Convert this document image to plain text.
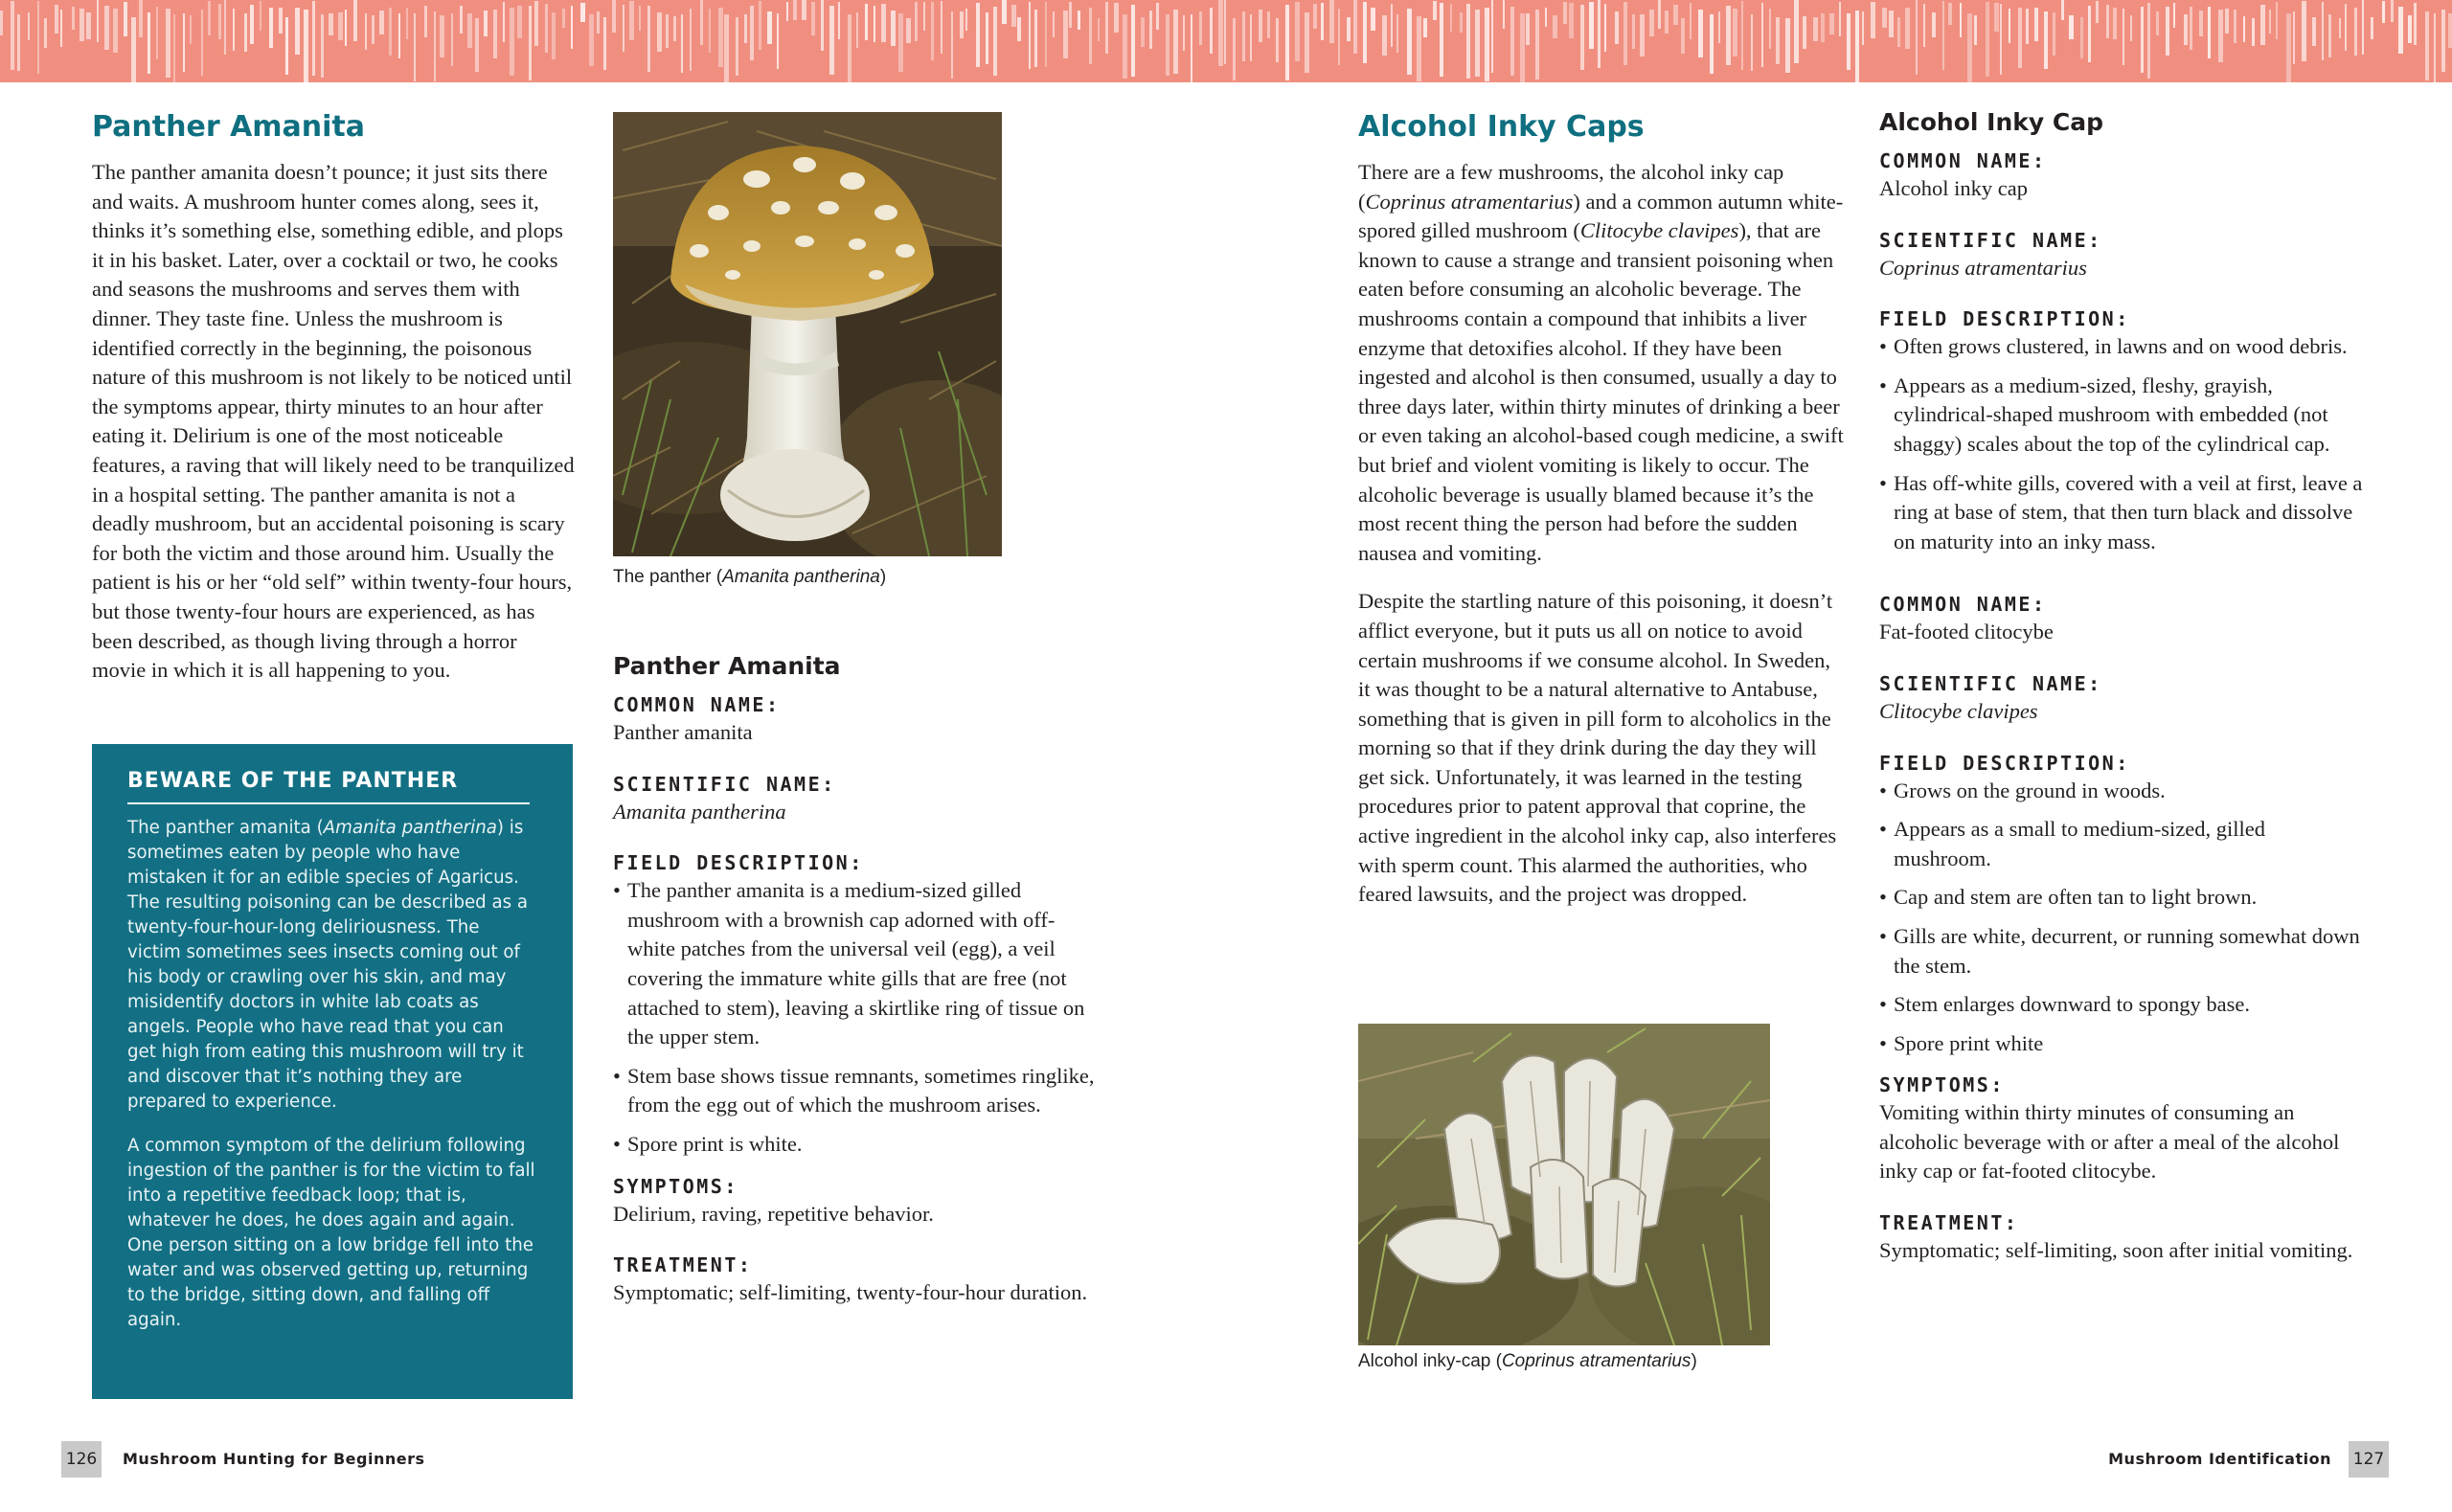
Panther Amanita

The panther amanita doesn’t pounce; it just sits there and waits. A mushroom hunter comes along, sees it, thinks it’s something else, something edible, and plops it in his basket. Later, over a cocktail or two, he cooks and seasons the mushrooms and serves them with dinner. They taste fine. Unless the mushroom is identified correctly in the beginning, the poisonous nature of this mushroom is not likely to be noticed until the symptoms appear, thirty minutes to an hour after eating it. Delirium is one of the most noticeable features, a raving that will likely need to be tranquilized in a hospital setting. The panther amanita is not a deadly mushroom, but an accidental poisoning is scary for both the victim and those around him. Usually the patient is his or her “old self” within twenty-four hours, but those twenty-four hours are experienced, as has been described, as though living through a horror movie in which it is all happening to you.

BEWARE OF THE PANTHER

The panther amanita (Amanita pantherina) is sometimes eaten by people who have mistaken it for an edible species of Agaricus. The resulting poisoning can be described as a twenty-four-hour-long deliriousness. The victim sometimes sees insects coming out of his body or crawling over his skin, and may misidentify doctors in white lab coats as angels. People who have read that you can get high from eating this mushroom will try it and discover that it’s nothing they are prepared to experience.

A common symptom of the delirium following ingestion of the panther is for the victim to fall into a repetitive feedback loop; that is, whatever he does, he does again and again. One person sitting on a low bridge fell into the water and was observed getting up, returning to the bridge, sitting down, and falling off again.

The panther (Amanita pantherina)
Panther Amanita
COMMON NAME:
Panther amanita
SCIENTIFIC NAME:
Amanita pantherina
FIELD DESCRIPTION:
• The panther amanita is a medium-sized gilled mushroom with a brownish cap adorned with off-white patches from the universal veil (egg), a veil covering the immature white gills that are free (not attached to stem), leaving a skirtlike ring of tissue on the upper stem.
• Stem base shows tissue remnants, sometimes ringlike, from the egg out of which the mushroom arises.
• Spore print is white.
SYMPTOMS:
Delirium, raving, repetitive behavior.
TREATMENT:
Symptomatic; self-limiting, twenty-four-hour duration.
Alcohol Inky Caps

There are a few mushrooms, the alcohol inky cap (Coprinus atramentarius) and a common autumn white-spored gilled mushroom (Clitocybe clavipes), that are known to cause a strange and transient poisoning when eaten before consuming an alcoholic beverage. The mushrooms contain a compound that inhibits a liver enzyme that detoxifies alcohol. If they have been ingested and alcohol is then consumed, usually a day to three days later, within thirty minutes of drinking a beer or even taking an alcohol-based cough medicine, a swift but brief and violent vomiting is likely to occur. The alcoholic beverage is usually blamed because it’s the most recent thing the person had before the sudden nausea and vomiting.

Despite the startling nature of this poisoning, it doesn’t afflict everyone, but it puts us all on notice to avoid certain mushrooms if we consume alcohol. In Sweden, it was thought to be a natural alternative to Antabuse, something that is given in pill form to alcoholics in the morning so that if they drink during the day they will get sick. Unfortunately, it was learned in the testing procedures prior to patent approval that coprine, the active ingredient in the alcohol inky cap, also interferes with sperm count. This alarmed the authorities, who feared lawsuits, and the project was dropped.

Alcohol inky-cap (Coprinus atramentarius)
Alcohol Inky Cap
COMMON NAME:
Alcohol inky cap
SCIENTIFIC NAME:
Coprinus atramentarius
FIELD DESCRIPTION:
• Often grows clustered, in lawns and on wood debris.
• Appears as a medium-sized, fleshy, grayish, cylindrical-shaped mushroom with embedded (not shaggy) scales about the top of the cylindrical cap.
• Has off-white gills, covered with a veil at first, leave a ring at base of stem, that then turn black and dissolve on maturity into an inky mass.
COMMON NAME:
Fat-footed clitocybe
SCIENTIFIC NAME:
Clitocybe clavipes
FIELD DESCRIPTION:
• Grows on the ground in woods.
• Appears as a small to medium-sized, gilled mushroom.
• Cap and stem are often tan to light brown.
• Gills are white, decurrent, or running somewhat down the stem.
• Stem enlarges downward to spongy base.
• Spore print white
SYMPTOMS:
Vomiting within thirty minutes of consuming an alcoholic beverage with or after a meal of the alcohol inky cap or fat-footed clitocybe.
TREATMENT:
Symptomatic; self-limiting, soon after initial vomiting.
126 Mushroom Hunting for Beginners	Mushroom Identification 127
